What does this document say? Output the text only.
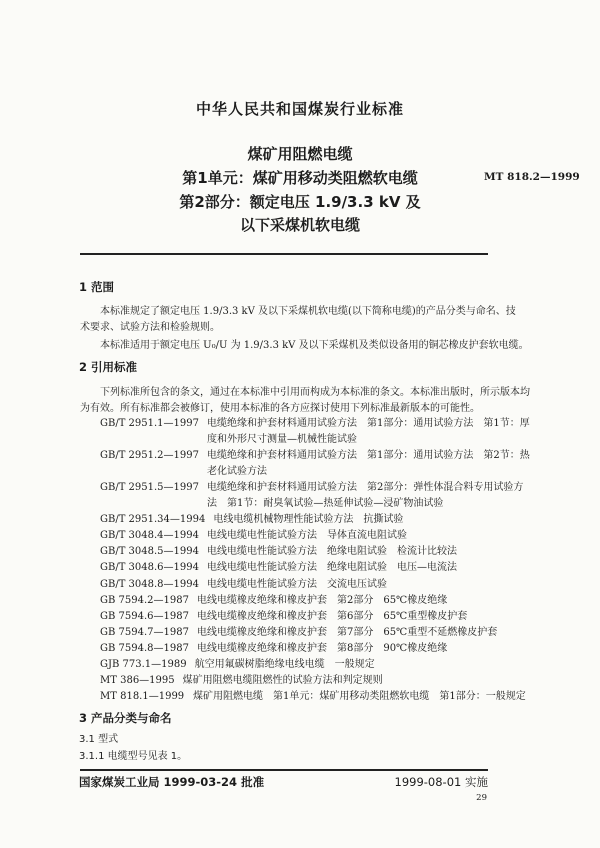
中华人民共和国煤炭行业标准
煤矿用阻燃电缆
第1单元：煤矿用移动类阻燃软电缆
第2部分：额定电压 1.9/3.3 kV 及
以下采煤机软电缆
MT 818.2—1999
1 范围
本标准规定了额定电压 1.9/3.3 kV 及以下采煤机软电缆(以下简称电缆)的产品分类与命名、技
术要求、试验方法和检验规则。
本标准适用于额定电压 U₀/U 为 1.9/3.3 kV 及以下采煤机及类似设备用的铜芯橡皮护套软电缆。
2 引用标准
下列标准所包含的条文，通过在本标准中引用而构成为本标准的条文。本标准出版时，所示版本均
为有效。所有标准都会被修订，使用本标准的各方应探讨使用下列标准最新版本的可能性。
GB/T 2951.1—1997 电缆绝缘和护套材料通用试验方法　第1部分：通用试验方法　第1节：厚
度和外形尺寸测量—机械性能试验
GB/T 2951.2—1997 电缆绝缘和护套材料通用试验方法　第1部分：通用试验方法　第2节：热
老化试验方法
GB/T 2951.5—1997 电缆绝缘和护套材料通用试验方法　第2部分：弹性体混合料专用试验方
法　第1节：耐臭氧试验—热延伸试验—浸矿物油试验
GB/T 2951.34—1994 电线电缆机械物理性能试验方法　抗撕试验
GB/T 3048.4—1994 电线电缆电性能试验方法　导体直流电阻试验
GB/T 3048.5—1994 电线电缆电性能试验方法　绝缘电阻试验　检流计比较法
GB/T 3048.6—1994 电线电缆电性能试验方法　绝缘电阻试验　电压—电流法
GB/T 3048.8—1994 电线电缆电性能试验方法　交流电压试验
GB 7594.2—1987 电线电缆橡皮绝缘和橡皮护套　第2部分　65℃橡皮绝缘
GB 7594.6—1987 电线电缆橡皮绝缘和橡皮护套　第6部分　65℃重型橡皮护套
GB 7594.7—1987 电线电缆橡皮绝缘和橡皮护套　第7部分　65℃重型不延燃橡皮护套
GB 7594.8—1987 电线电缆橡皮绝缘和橡皮护套　第8部分　90℃橡皮绝缘
GJB 773.1—1989 航空用氟碳树脂绝缘电线电缆　一般规定
MT 386—1995 煤矿用阻燃电缆阻燃性的试验方法和判定规则
MT 818.1—1999 煤矿用阻燃电缆　第1单元：煤矿用移动类阻燃软电缆　第1部分：一般规定
3 产品分类与命名
3.1 型式
3.1.1 电缆型号见表 1。
国家煤炭工业局 1999-03-24 批准	1999-08-01 实施
29
